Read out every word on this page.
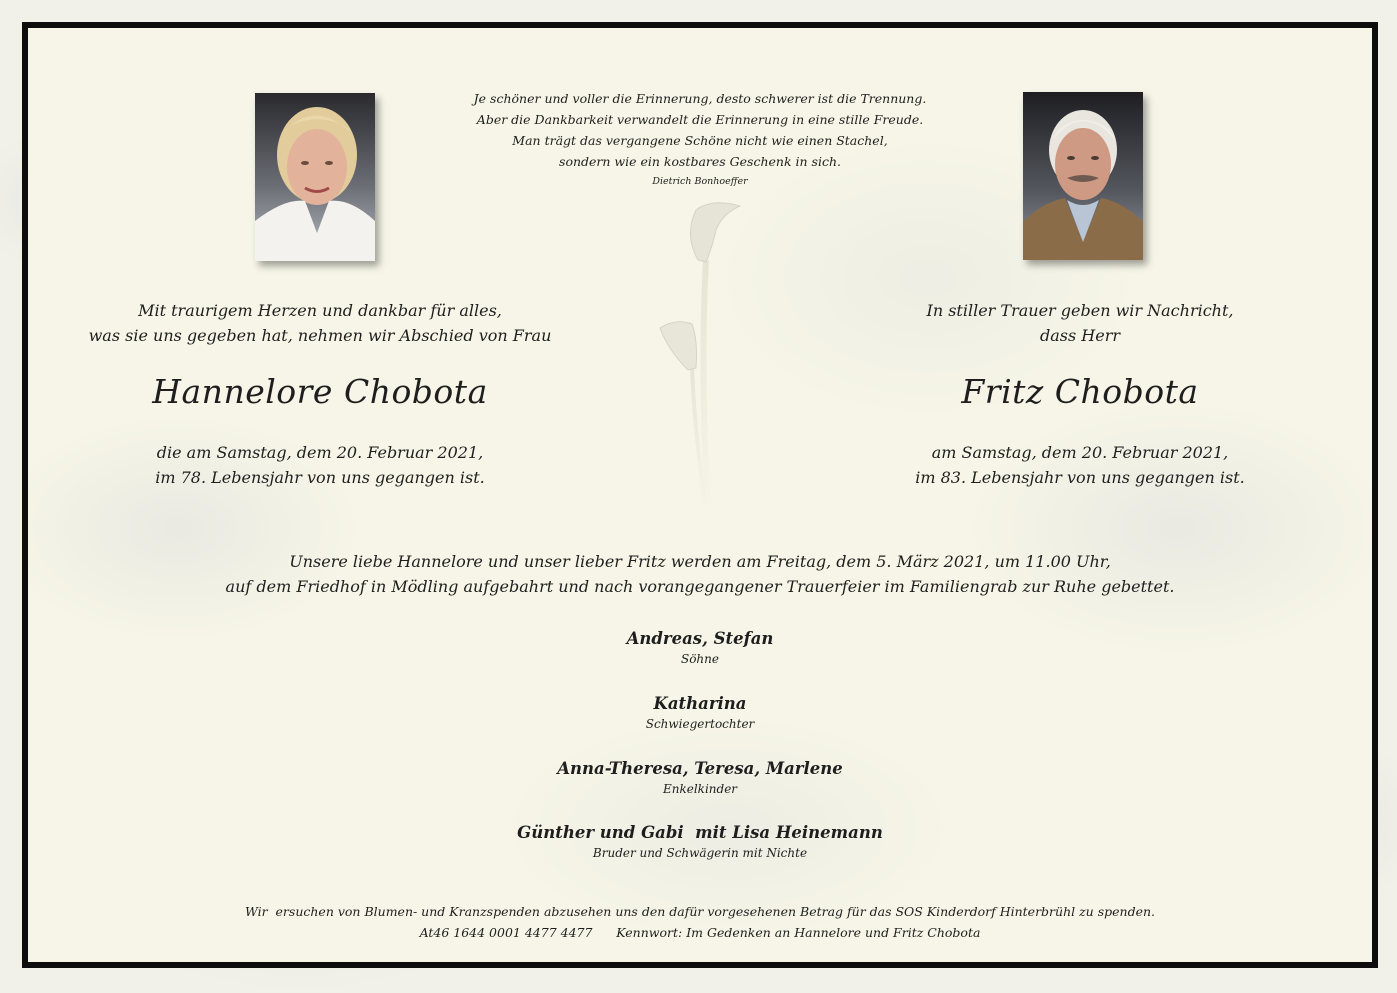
Je schöner und voller die Erinnerung, desto schwerer ist die Trennung.
Aber die Dankbarkeit verwandelt die Erinnerung in eine stille Freude.
Man trägt das vergangene Schöne nicht wie einen Stachel,
sondern wie ein kostbares Geschenk in sich.
Dietrich Bonhoeffer
Mit traurigem Herzen und dankbar für alles,
was sie uns gegeben hat, nehmen wir Abschied von Frau
Hannelore Chobota
die am Samstag, dem 20. Februar 2021,
im 78. Lebensjahr von uns gegangen ist.
In stiller Trauer geben wir Nachricht,
dass Herr
Fritz Chobota
am Samstag, dem 20. Februar 2021,
im 83. Lebensjahr von uns gegangen ist.
Unsere liebe Hannelore und unser lieber Fritz werden am Freitag, dem 5. März 2021, um 11.00 Uhr,
auf dem Friedhof in Mödling aufgebahrt und nach vorangegangener Trauerfeier im Familiengrab zur Ruhe gebettet.
Andreas, Stefan
Söhne
Katharina
Schwiegertochter
Anna-Theresa, Teresa, Marlene
Enkelkinder
Günther und Gabi  mit Lisa Heinemann
Bruder und Schwägerin mit Nichte
Wir  ersuchen von Blumen- und Kranzspenden abzusehen uns den dafür vorgesehenen Betrag für das SOS Kinderdorf Hinterbrühl zu spenden.
At46 1644 0001 4477 4477      Kennwort: Im Gedenken an Hannelore und Fritz Chobota
